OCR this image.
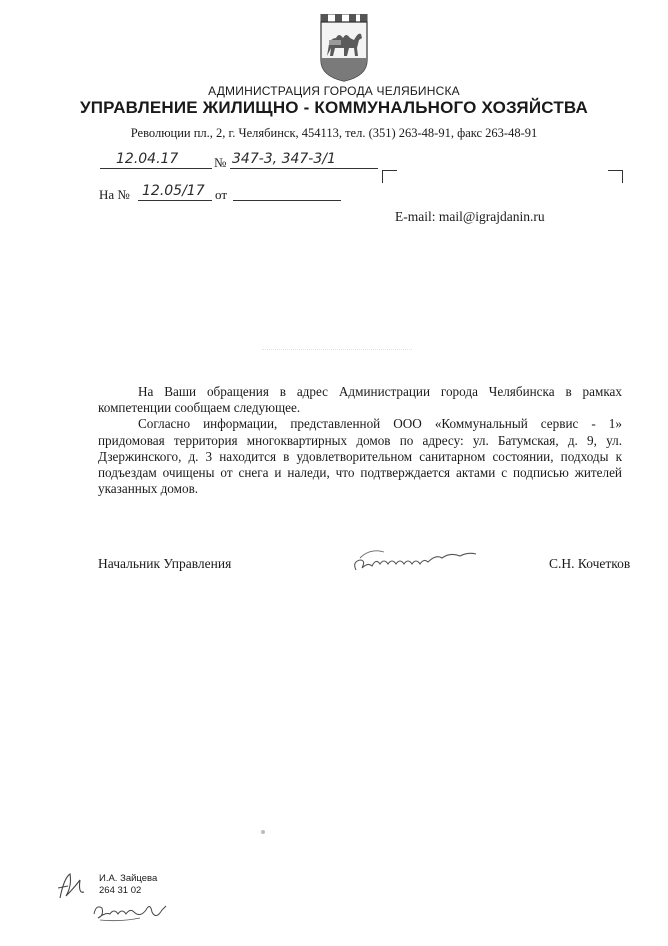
АДМИНИСТРАЦИЯ ГОРОДА ЧЕЛЯБИНСКА
УПРАВЛЕНИЕ ЖИЛИЩНО - КОММУНАЛЬНОГО ХОЗЯЙСТВА
Революции пл., 2, г. Челябинск, 454113, тел. (351) 263-48-91, факс 263-48-91
12.04.17	№ 347-3, 347-3/1
На № 12.05/17 от
E-mail: mail@igrajdanin.ru

На Ваши обращения в адрес Администрации города Челябинска в рамках компетенции сообщаем следующее.

Согласно информации, представленной ООО «Коммунальный сервис - 1» придомовая территория многоквартирных домов по адресу: ул. Батумская, д. 9, ул. Дзержинского, д. 3 находится в удовлетворительном санитарном состоянии, подходы к подъездам очищены от снега и наледи, что подтверждается актами с подписью жителей указанных домов.

Начальник Управления	С.Н. Кочетков
И.А. Зайцева
264 31 02
